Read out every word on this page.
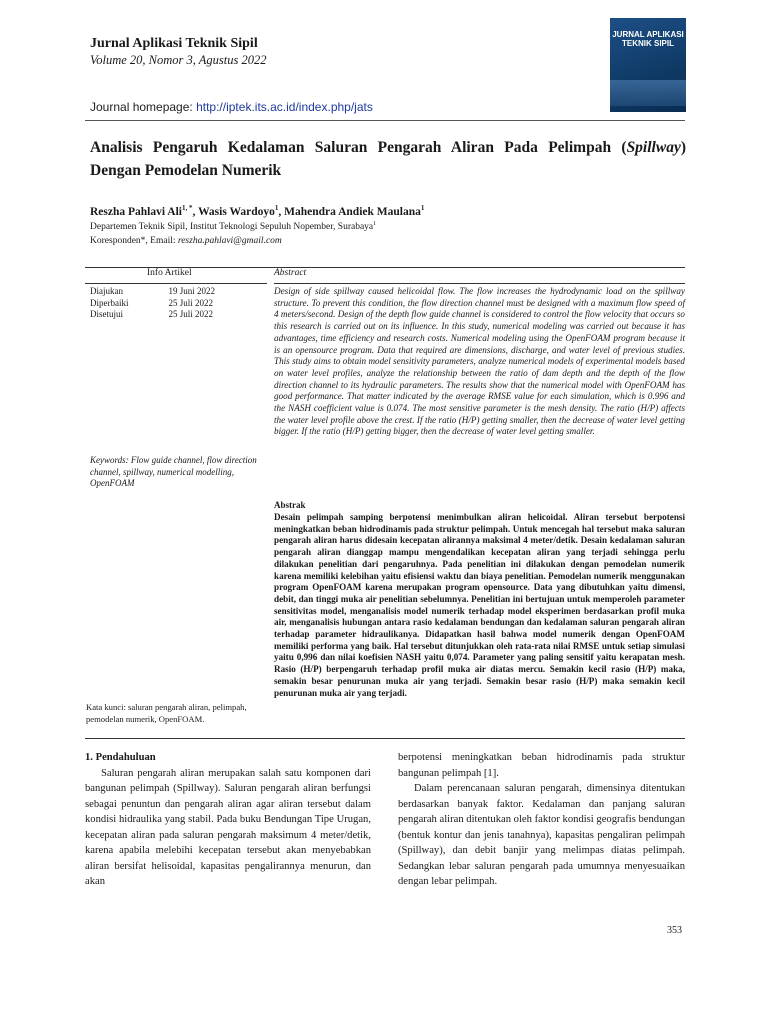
Jurnal Aplikasi Teknik Sipil
Volume 20, Nomor 3, Agustus 2022
JURNAL APLIKASI TEKNIK SIPIL
Journal homepage: http://iptek.its.ac.id/index.php/jats
Analisis Pengaruh Kedalaman Saluran Pengarah Aliran Pada Pelimpah (Spillway) Dengan Pemodelan Numerik
Reszha Pahlavi Ali$^{1, *}$, Wasis Wardoyo$^1$, Mahendra Andiek Maulana$^1$
Departemen Teknik Sipil, Institut Teknologi Sepuluh Nopember, Surabaya$^1$
Koresponden*, Email: reszha.pahlavi@gmail.com
Info Artikel	Abstract
Diajukan	19 Juni 2022
Diperbaiki	25 Juli 2022
Disetujui	25 Juli 2022
Design of side spillway caused helicoidal flow. The flow increases the hydrodynamic load on the spillway structure. To prevent this condition, the flow direction channel must be designed with a maximum flow speed of 4 meters/second. Design of the depth flow guide channel is considered to control the flow velocity that occurs so this research is carried out on its influence. In this study, numerical modeling was carried out because it has advantages, time efficiency and research costs. Numerical modeling using the OpenFOAM program because it is an opensource program. Data that required are dimensions, discharge, and water level of previous studies. This study aims to obtain model sensitivity parameters, analyze numerical models of experimental models based on water level profiles, analyze the relationship between the ratio of dam depth and the depth of the flow direction channel to its hydraulic parameters. The results show that the numerical model with OpenFOAM has good performance. That matter indicated by the average RMSE value for each simulation, which is 0.996 and the NASH coefficient value is 0.074. The most sensitive parameter is the mesh density. The ratio (H/P) affects the water level profile above the crest. If the ratio (H/P) getting smaller, then the decrease of water level getting bigger. If the ratio (H/P) getting bigger, then the decrease of water level getting smaller.
Keywords: Flow guide channel, flow direction channel, spillway, numerical modelling, OpenFOAM
Abstrak
Desain pelimpah samping berpotensi menimbulkan aliran helicoidal. Aliran tersebut berpotensi meningkatkan beban hidrodinamis pada struktur pelimpah. Untuk mencegah hal tersebut maka saluran pengarah aliran harus didesain kecepatan alirannya maksimal 4 meter/detik. Desain kedalaman saluran pengarah aliran dianggap mampu mengendalikan kecepatan aliran yang terjadi sehingga perlu dilakukan penelitian dari pengaruhnya. Pada penelitian ini dilakukan dengan pemodelan numerik karena memiliki kelebihan yaitu efisiensi waktu dan biaya penelitian. Pemodelan numerik menggunakan program OpenFOAM karena merupakan program opensource. Data yang dibutuhkan yaitu dimensi, debit, dan tinggi muka air penelitian sebelumnya. Penelitian ini bertujuan untuk memperoleh parameter sensitivitas model, menganalisis model numerik terhadap model eksperimen berdasarkan profil muka air, menganalisis hubungan antara rasio kedalaman bendungan dan kedalaman saluran pengarah aliran terhadap parameter hidraulikanya. Didapatkan hasil bahwa model numerik dengan OpenFOAM memiliki performa yang baik. Hal tersebut ditunjukkan oleh rata-rata nilai RMSE untuk setiap simulasi yaitu 0,996 dan nilai koefisien NASH yaitu 0,074. Parameter yang paling sensitif yaitu kerapatan mesh. Rasio (H/P) berpengaruh terhadap profil muka air diatas mercu. Semakin kecil rasio (H/P) maka, semakin besar penurunan muka air yang terjadi. Semakin besar rasio (H/P) maka semakin kecil penurunan muka air yang terjadi.
Kata kunci: saluran pengarah aliran, pelimpah, pemodelan numerik, OpenFOAM.
1. Pendahuluan
Saluran pengarah aliran merupakan salah satu komponen dari bangunan pelimpah (Spillway). Saluran pengarah aliran berfungsi sebagai penuntun dan pengarah aliran agar aliran tersebut dalam kondisi hidraulika yang stabil. Pada buku Bendungan Tipe Urugan, kecepatan aliran pada saluran pengarah maksimum 4 meter/detik, karena apabila melebihi kecepatan tersebut akan menyebabkan aliran bersifat helisoidal, kapasitas pengalirannya menurun, dan akan
berpotensi meningkatkan beban hidrodinamis pada struktur bangunan pelimpah [1].
Dalam perencanaan saluran pengarah, dimensinya ditentukan berdasarkan banyak faktor. Kedalaman dan panjang saluran pengarah aliran ditentukan oleh faktor kondisi geografis bendungan (bentuk kontur dan jenis tanahnya), kapasitas pengaliran pelimpah (Spillway), dan debit banjir yang melimpas diatas pelimpah. Sedangkan lebar saluran pengarah pada umumnya menyesuaikan dengan lebar pelimpah.
353
